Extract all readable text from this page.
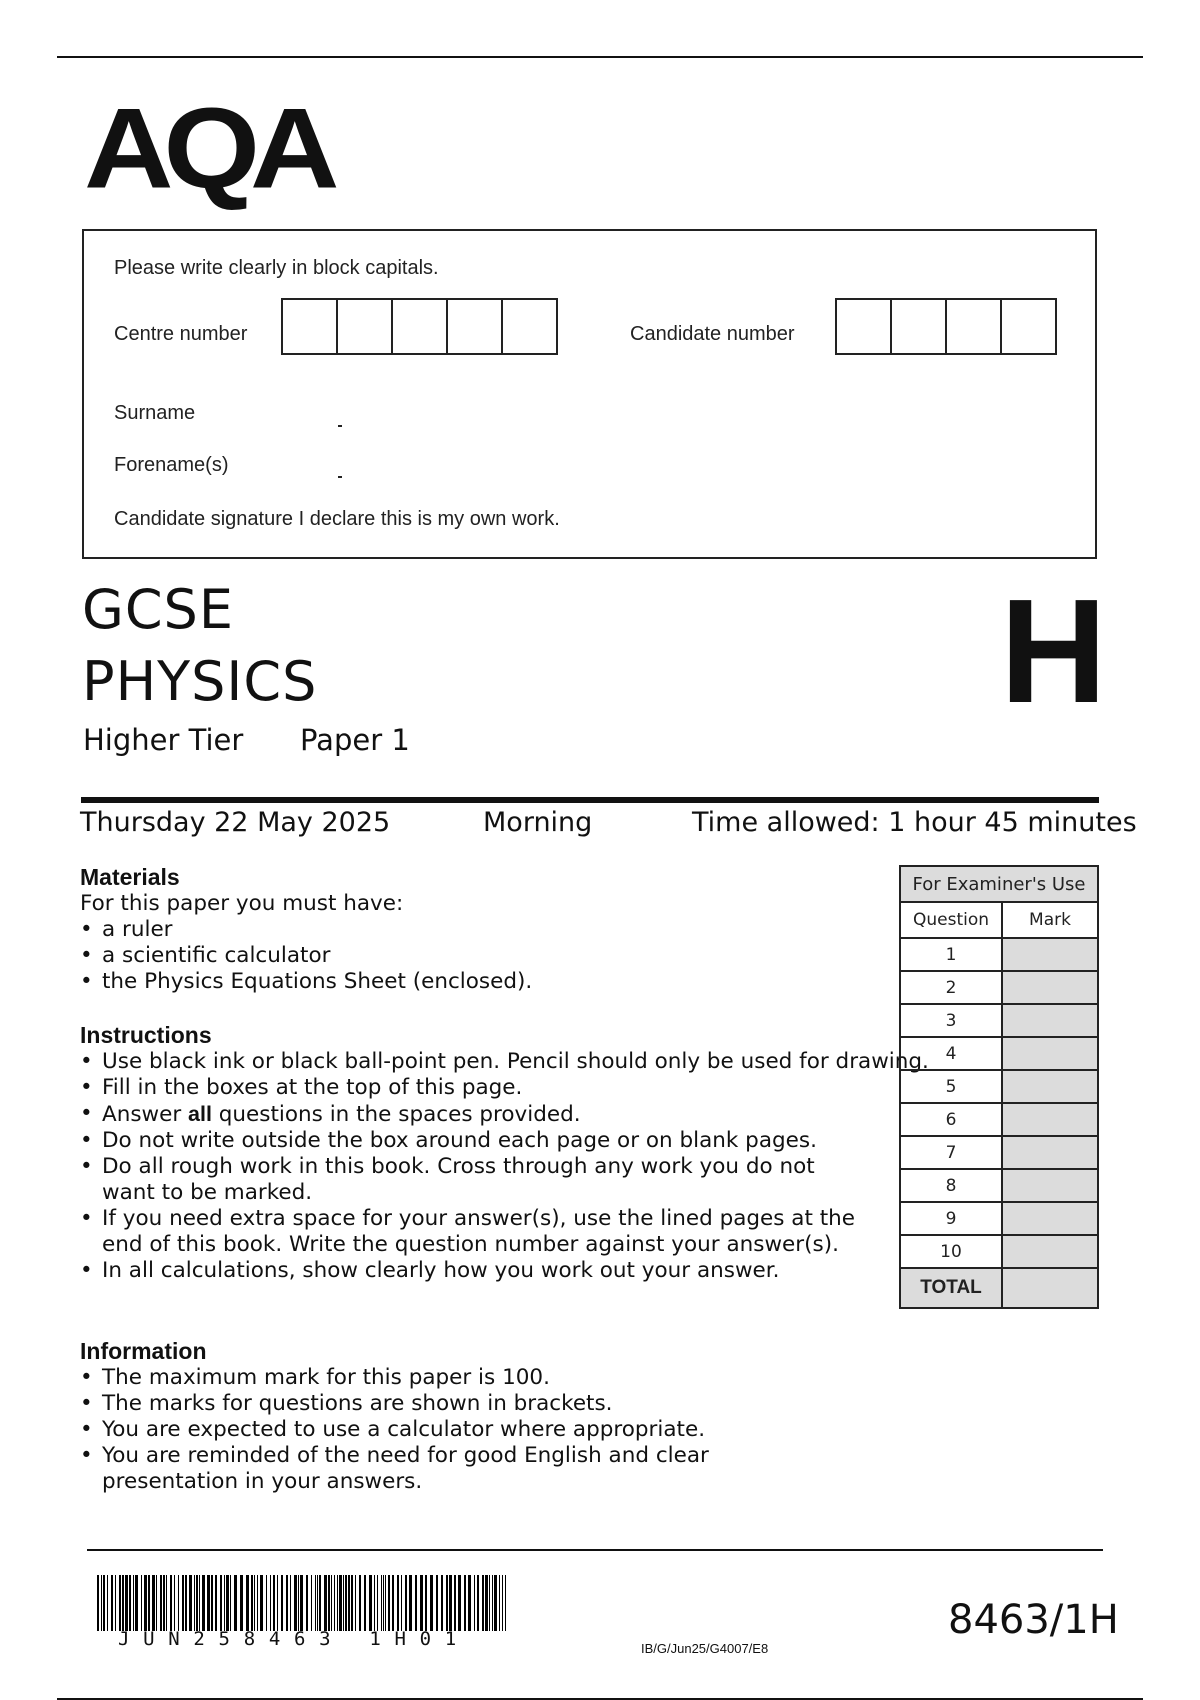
AQA
Please write clearly in block capitals.
Centre number	Candidate number
Surname
Forename(s)
Candidate signature I declare this is my own work.
GCSE
PHYSICS
Higher Tier Paper 1
H
Thursday 22 May 2025	Morning	Time allowed: 1 hour 45 minutes
Materials
For this paper you must have:
• a ruler
• a scientific calculator
• the Physics Equations Sheet (enclosed).
Instructions
• Use black ink or black ball-point pen. Pencil should only be used for drawing.
• Fill in the boxes at the top of this page.
• Answer all questions in the spaces provided.
• Do not write outside the box around each page or on blank pages.
• Do all rough work in this book. Cross through any work you do not want to be marked.
• If you need extra space for your answer(s), use the lined pages at the end of this book. Write the question number against your answer(s).
• In all calculations, show clearly how you work out your answer.
Information
• The maximum mark for this paper is 100.
• The marks for questions are shown in brackets.
• You are expected to use a calculator where appropriate.
• You are reminded of the need for good English and clear presentation in your answers.
For Examiner's Use	
Question	Mark
1	
2	
3	
4	
5	
6	
7	
8	
9	
10	
TOTAL	
JUN258463 1H01	IB/G/Jun25/G4007/E8
8463/1H
